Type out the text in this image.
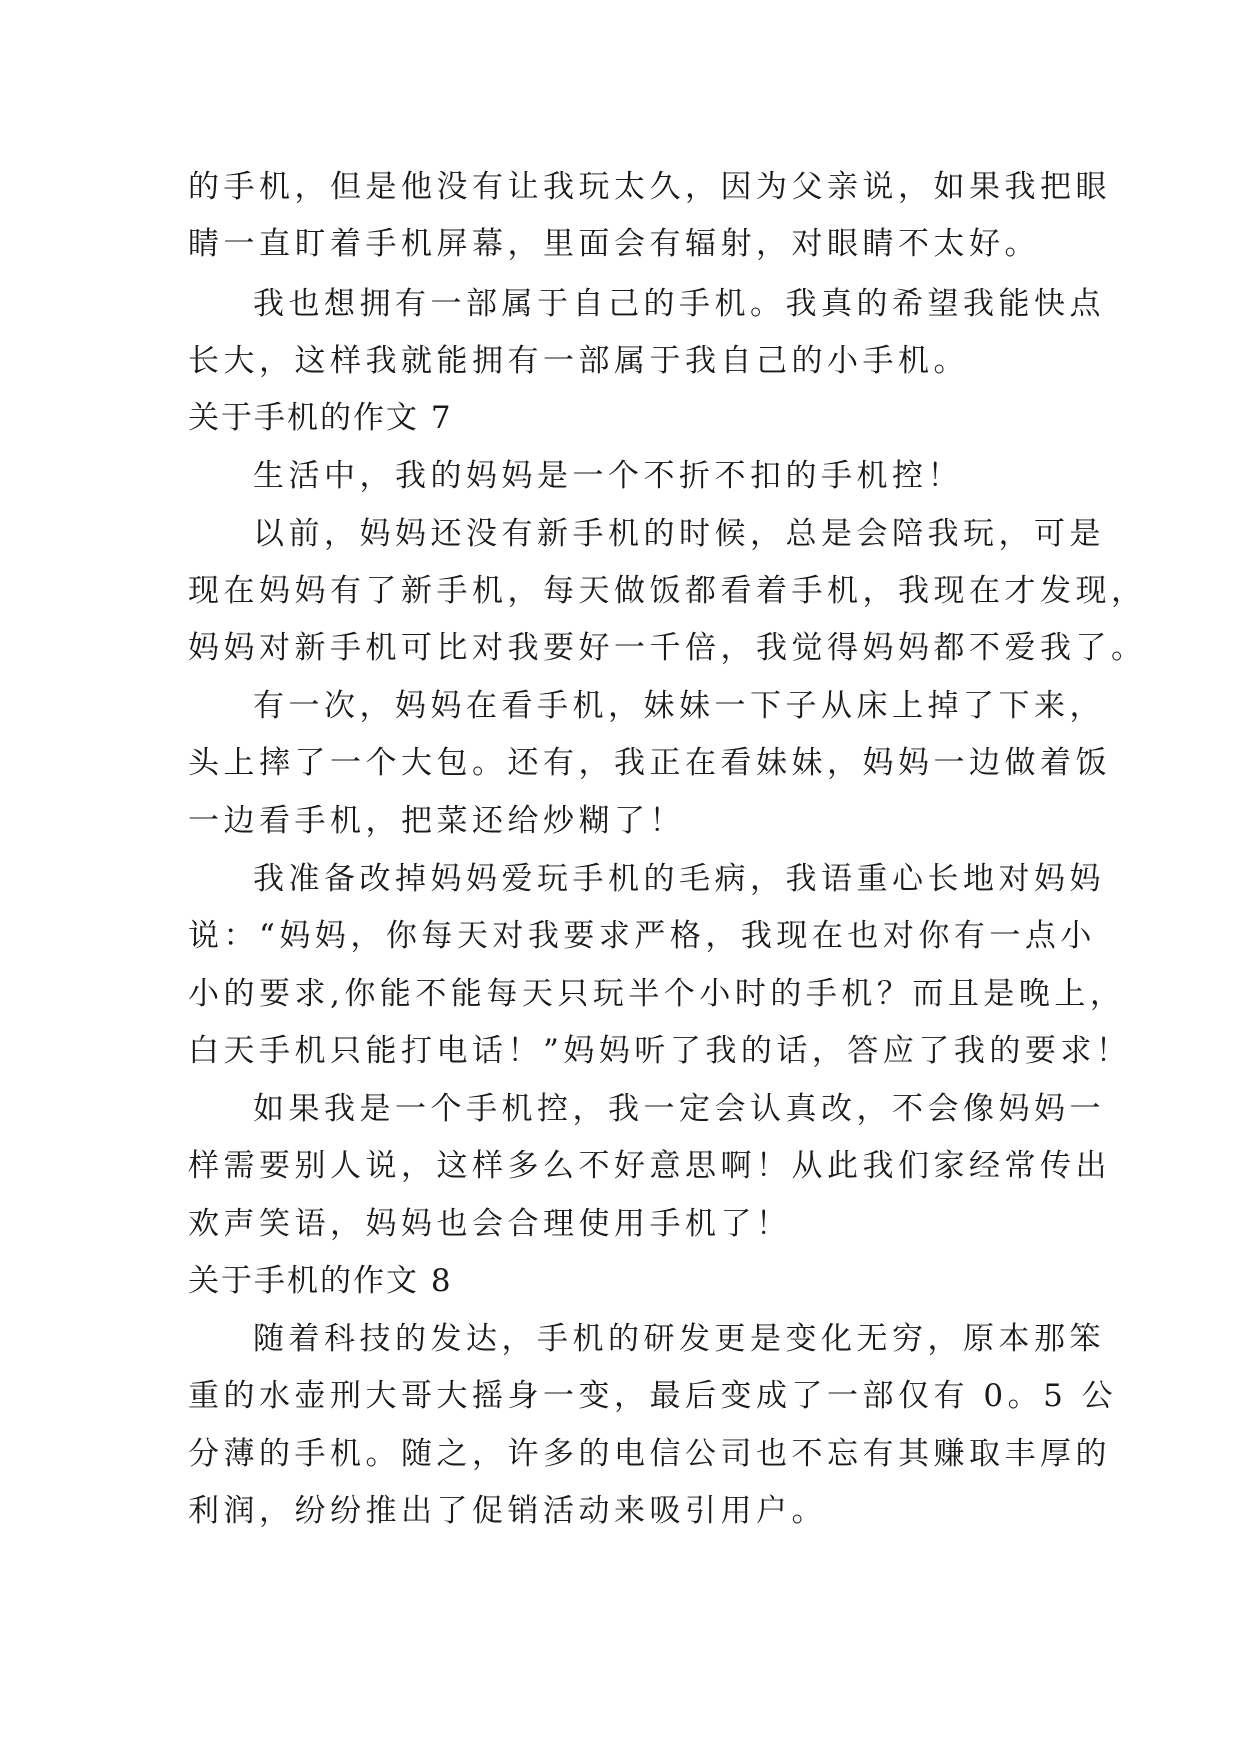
的手机，但是他没有让我玩太久，因为父亲说，如果我把眼
睛一直盯着手机屏幕，里面会有辐射，对眼睛不太好。
我也想拥有一部属于自己的手机。我真的希望我能快点
长大，这样我就能拥有一部属于我自己的小手机。
关于手机的作文 7
生活中，我的妈妈是一个不折不扣的手机控！
以前，妈妈还没有新手机的时候，总是会陪我玩，可是
现在妈妈有了新手机，每天做饭都看着手机，我现在才发现，
妈妈对新手机可比对我要好一千倍，我觉得妈妈都不爱我了。
有一次，妈妈在看手机，妹妹一下子从床上掉了下来，
头上摔了一个大包。还有，我正在看妹妹，妈妈一边做着饭
一边看手机，把菜还给炒糊了！
我准备改掉妈妈爱玩手机的毛病，我语重心长地对妈妈
说：“妈妈，你每天对我要求严格，我现在也对你有一点小
小的要求,你能不能每天只玩半个小时的手机？而且是晚上，
白天手机只能打电话！”妈妈听了我的话，答应了我的要求！
如果我是一个手机控，我一定会认真改，不会像妈妈一
样需要别人说，这样多么不好意思啊！从此我们家经常传出
欢声笑语，妈妈也会合理使用手机了！
关于手机的作文 8
随着科技的发达，手机的研发更是变化无穷，原本那笨
重的水壶刑大哥大摇身一变，最后变成了一部仅有 0。5 公
分薄的手机。随之，许多的电信公司也不忘有其赚取丰厚的
利润，纷纷推出了促销活动来吸引用户。
